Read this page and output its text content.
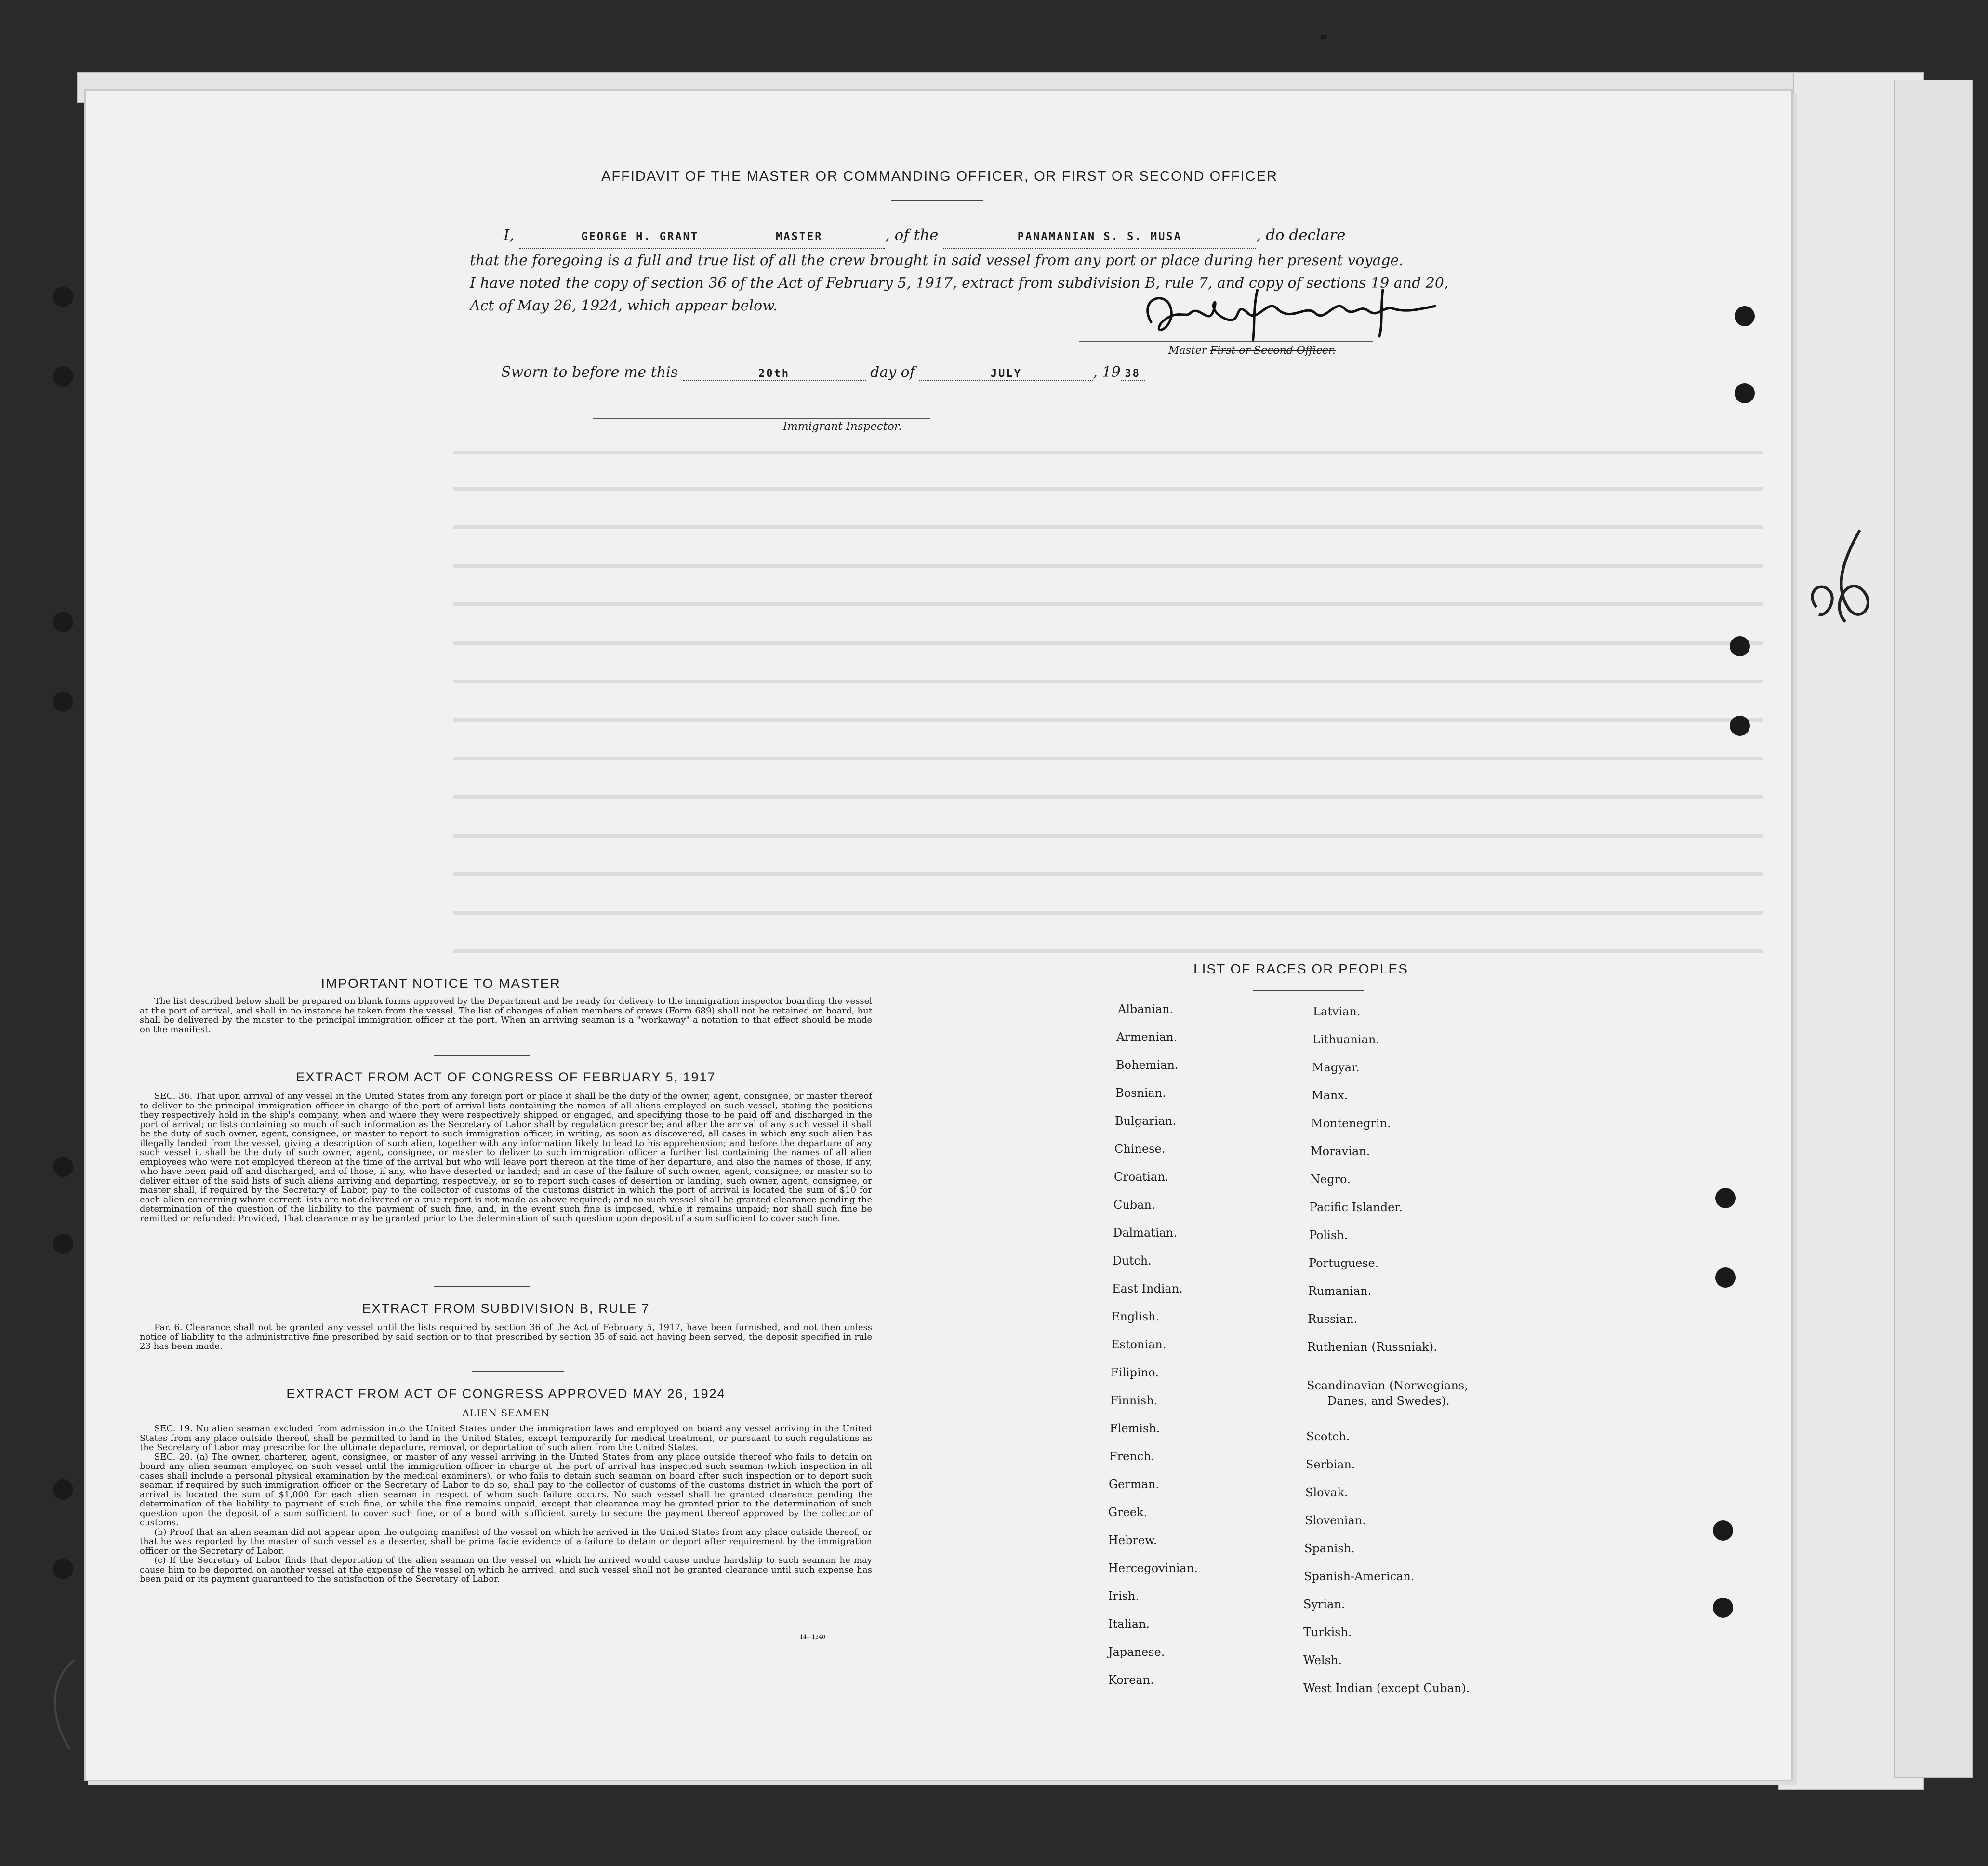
28
AFFIDAVIT OF THE MASTER OR COMMANDING OFFICER, OR FIRST OR SECOND OFFICER
I,	GEORGE H. GRANT	MASTER	, of the	PANAMANIAN S. S. MUSA	, do declare
that the foregoing is a full and true list of all the crew brought in said vessel from any port or place during her present voyage.
I have noted the copy of section 36 of the Act of February 5, 1917, extract from subdivision B, rule 7, and copy of sections 19 and 20,
Act of May 26, 1924, which appear below.
Master First or Second Officer.
Sworn to before me this	20th	day of	JULY	, 19 38
Immigrant Inspector.
IMPORTANT NOTICE TO MASTER

The list described below shall be prepared on blank forms approved by the Department and be ready for delivery to the immigration inspector boarding the vessel at the port of arrival, and shall in no instance be taken from the vessel. The list of changes of alien members of crews (Form 689) shall not be retained on board, but shall be delivered by the master to the principal immigration officer at the port. When an arriving seaman is a "workaway" a notation to that effect should be made on the manifest.

EXTRACT FROM ACT OF CONGRESS OF FEBRUARY 5, 1917

SEC. 36. That upon arrival of any vessel in the United States from any foreign port or place it shall be the duty of the owner, agent, consignee, or master thereof to deliver to the principal immigration officer in charge of the port of arrival lists containing the names of all aliens employed on such vessel, stating the positions they respectively hold in the ship's company, when and where they were respectively shipped or engaged, and specifying those to be paid off and discharged in the port of arrival; or lists containing so much of such information as the Secretary of Labor shall by regulation prescribe; and after the arrival of any such vessel it shall be the duty of such owner, agent, consignee, or master to report to such immigration officer, in writing, as soon as discovered, all cases in which any such alien has illegally landed from the vessel, giving a description of such alien, together with any information likely to lead to his apprehension; and before the departure of any such vessel it shall be the duty of such owner, agent, consignee, or master to deliver to such immigration officer a further list containing the names of all alien employees who were not employed thereon at the time of the arrival but who will leave port thereon at the time of her departure, and also the names of those, if any, who have been paid off and discharged, and of those, if any, who have deserted or landed; and in case of the failure of such owner, agent, consignee, or master so to deliver either of the said lists of such aliens arriving and departing, respectively, or so to report such cases of desertion or landing, such owner, agent, consignee, or master shall, if required by the Secretary of Labor, pay to the collector of customs of the customs district in which the port of arrival is located the sum of $10 for each alien concerning whom correct lists are not delivered or a true report is not made as above required; and no such vessel shall be granted clearance pending the determination of the question of the liability to the payment of such fine, and, in the event such fine is imposed, while it remains unpaid; nor shall such fine be remitted or refunded: Provided, That clearance may be granted prior to the determination of such question upon deposit of a sum sufficient to cover such fine.

EXTRACT FROM SUBDIVISION B, RULE 7

Par. 6. Clearance shall not be granted any vessel until the lists required by section 36 of the Act of February 5, 1917, have been furnished, and not then unless notice of liability to the administrative fine prescribed by said section or to that prescribed by section 35 of said act having been served, the deposit specified in rule 23 has been made.

EXTRACT FROM ACT OF CONGRESS APPROVED MAY 26, 1924
ALIEN SEAMEN

SEC. 19. No alien seaman excluded from admission into the United States under the immigration laws and employed on board any vessel arriving in the United States from any place outside thereof, shall be permitted to land in the United States, except temporarily for medical treatment, or pursuant to such regulations as the Secretary of Labor may prescribe for the ultimate departure, removal, or deportation of such alien from the United States.

SEC. 20. (a) The owner, charterer, agent, consignee, or master of any vessel arriving in the United States from any place outside thereof who fails to detain on board any alien seaman employed on such vessel until the immigration officer in charge at the port of arrival has inspected such seaman (which inspection in all cases shall include a personal physical examination by the medical examiners), or who fails to detain such seaman on board after such inspection or to deport such seaman if required by such immigration officer or the Secretary of Labor to do so, shall pay to the collector of customs of the customs district in which the port of arrival is located the sum of $1,000 for each alien seaman in respect of whom such failure occurs. No such vessel shall be granted clearance pending the determination of the liability to payment of such fine, or while the fine remains unpaid, except that clearance may be granted prior to the determination of such question upon the deposit of a sum sufficient to cover such fine, or of a bond with sufficient surety to secure the payment thereof approved by the collector of customs.

(b) Proof that an alien seaman did not appear upon the outgoing manifest of the vessel on which he arrived in the United States from any place outside thereof, or that he was reported by the master of such vessel as a deserter, shall be prima facie evidence of a failure to detain or deport after requirement by the immigration officer or the Secretary of Labor.

(c) If the Secretary of Labor finds that deportation of the alien seaman on the vessel on which he arrived would cause undue hardship to such seaman he may cause him to be deported on another vessel at the expense of the vessel on which he arrived, and such vessel shall not be granted clearance until such expense has been paid or its payment guaranteed to the satisfaction of the Secretary of Labor.

14—1340
LIST OF RACES OR PEOPLES
Albanian.
Armenian.
Bohemian.
Bosnian.
Bulgarian.
Chinese.
Croatian.
Cuban.
Dalmatian.
Dutch.
East Indian.
English.
Estonian.
Filipino.
Finnish.
Flemish.
French.
German.
Greek.
Hebrew.
Hercegovinian.
Irish.
Italian.
Japanese.
Korean.
Latvian.
Lithuanian.
Magyar.
Manx.
Montenegrin.
Moravian.
Negro.
Pacific Islander.
Polish.
Portuguese.
Rumanian.
Russian.
Ruthenian (Russniak).
Scandinavian (Norwegians,
Danes, and Swedes).
Scotch.
Serbian.
Slovak.
Slovenian.
Spanish.
Spanish-American.
Syrian.
Turkish.
Welsh.
West Indian (except Cuban).
